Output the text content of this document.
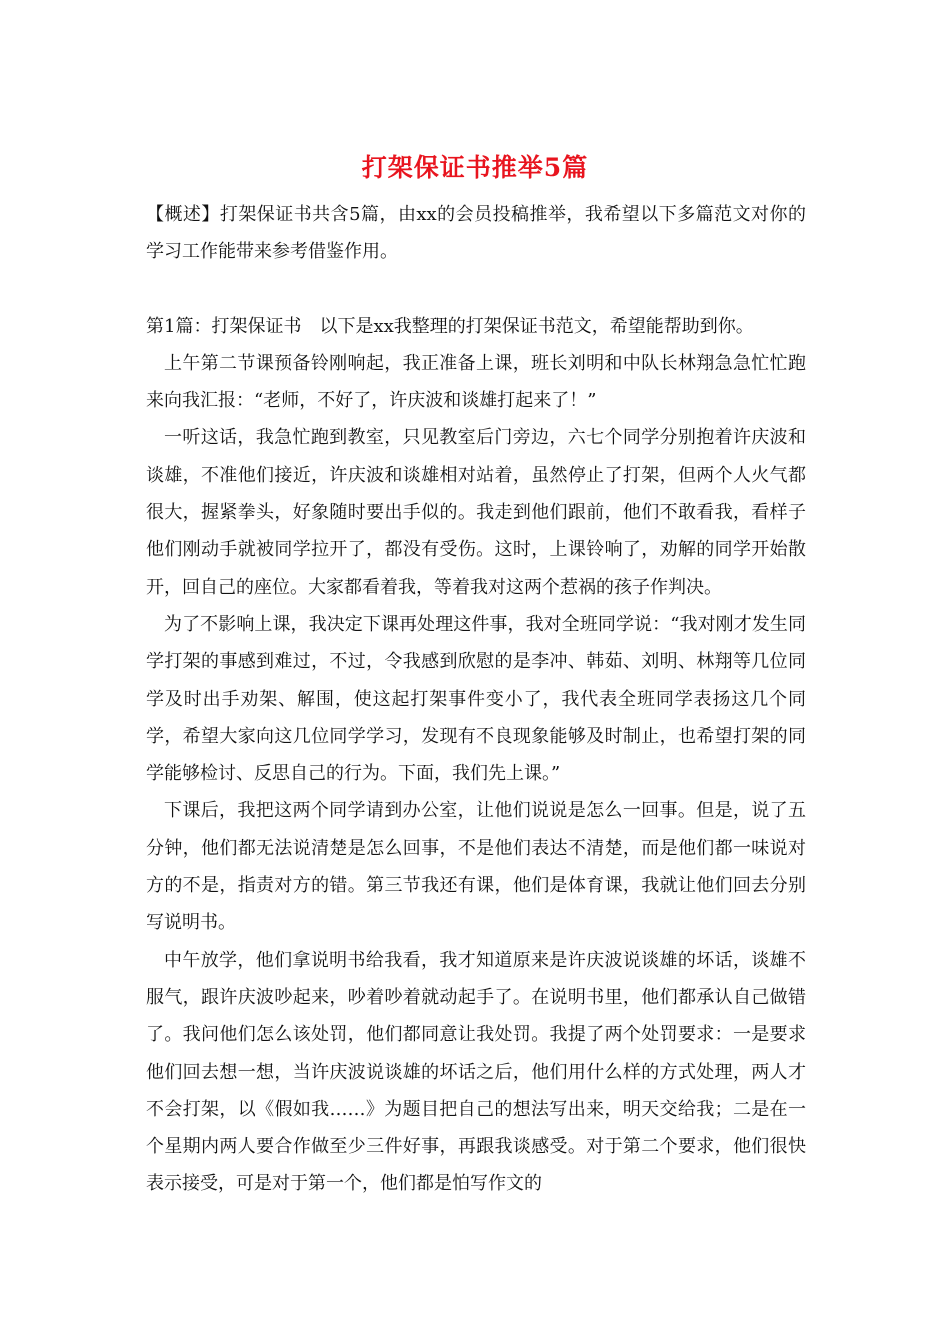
打架保证书推举5篇

【概述】打架保证书共含5篇，由xx的会员投稿推举，我希望以下多篇范文对你的学习工作能带来参考借鉴作用。

第1篇：打架保证书　以下是xx我整理的打架保证书范文，希望能帮助到你。

上午第二节课预备铃刚响起，我正准备上课，班长刘明和中队长林翔急急忙忙跑来向我汇报：“老师，不好了，许庆波和谈雄打起来了！”

一听这话，我急忙跑到教室，只见教室后门旁边，六七个同学分别抱着许庆波和谈雄，不准他们接近，许庆波和谈雄相对站着，虽然停止了打架，但两个人火气都很大，握紧拳头，好象随时要出手似的。我走到他们跟前，他们不敢看我，看样子他们刚动手就被同学拉开了，都没有受伤。这时，上课铃响了，劝解的同学开始散开，回自己的座位。大家都看着我，等着我对这两个惹祸的孩子作判决。

为了不影响上课，我决定下课再处理这件事，我对全班同学说：“我对刚才发生同学打架的事感到难过，不过，令我感到欣慰的是李冲、韩茹、刘明、林翔等几位同学及时出手劝架、解围，使这起打架事件变小了，我代表全班同学表扬这几个同学，希望大家向这几位同学学习，发现有不良现象能够及时制止，也希望打架的同学能够检讨、反思自己的行为。下面，我们先上课。”

下课后，我把这两个同学请到办公室，让他们说说是怎么一回事。但是，说了五分钟，他们都无法说清楚是怎么回事，不是他们表达不清楚，而是他们都一味说对方的不是，指责对方的错。第三节我还有课，他们是体育课，我就让他们回去分别写说明书。

中午放学，他们拿说明书给我看，我才知道原来是许庆波说谈雄的坏话，谈雄不服气，跟许庆波吵起来，吵着吵着就动起手了。在说明书里，他们都承认自己做错了。我问他们怎么该处罚，他们都同意让我处罚。我提了两个处罚要求：一是要求他们回去想一想，当许庆波说谈雄的坏话之后，他们用什么样的方式处理，两人才不会打架，以《假如我……》为题目把自己的想法写出来，明天交给我；二是在一个星期内两人要合作做至少三件好事，再跟我谈感受。对于第二个要求，他们很快表示接受，可是对于第一个，他们都是怕写作文的
